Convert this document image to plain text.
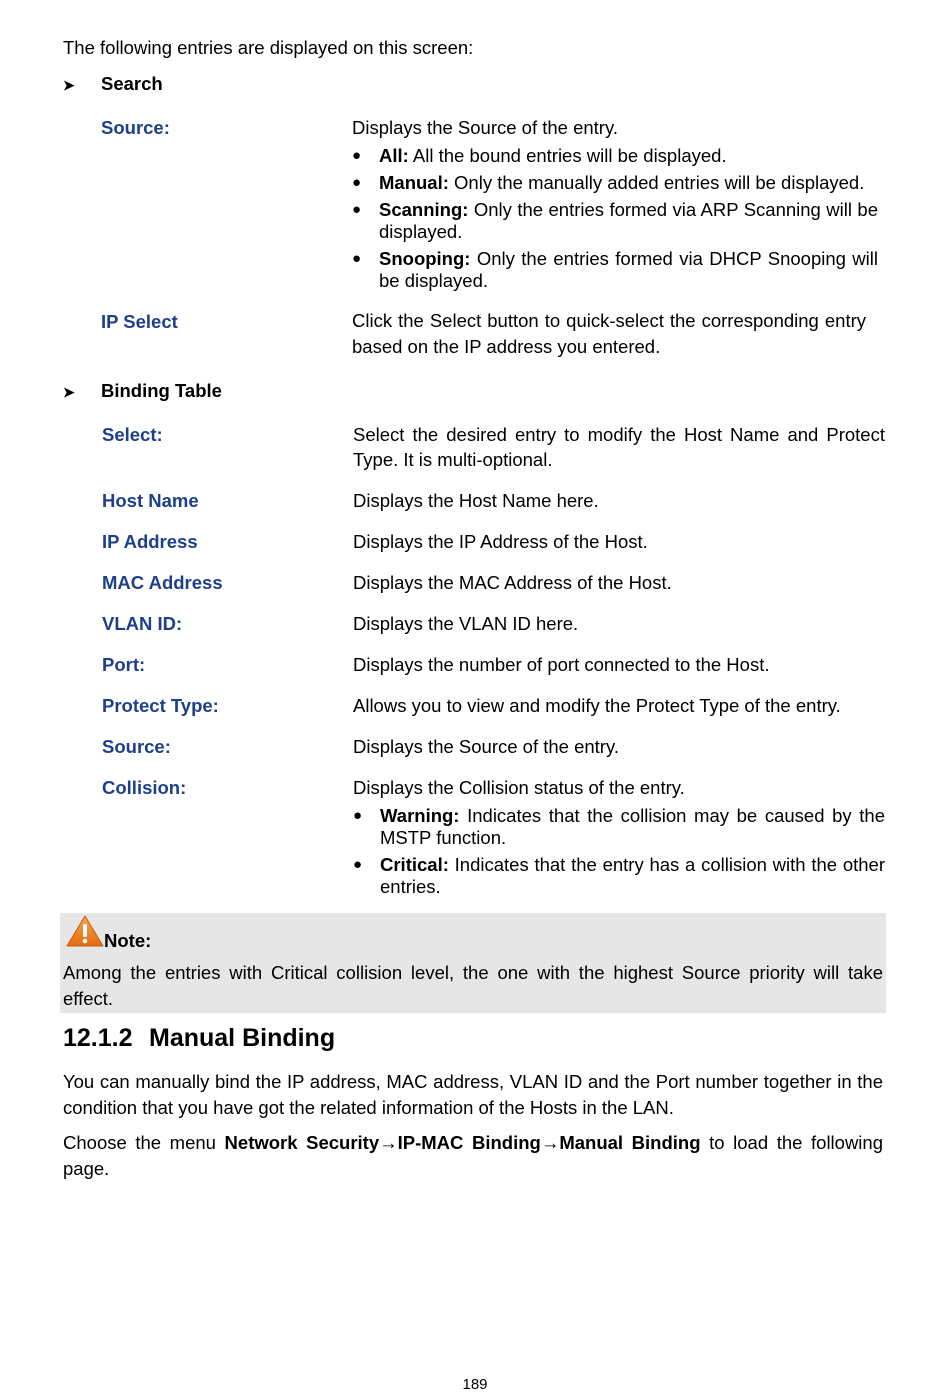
The following entries are displayed on this screen:
➤ Search
Source:	Displays the Source of the entry.
● All: All the bound entries will be displayed.
● Manual: Only the manually added entries will be displayed.
● Scanning: Only the entries formed via ARP Scanning will be displayed.
● Snooping: Only the entries formed via DHCP Snooping will be displayed.
IP Select	Click the Select button to quick-select the corresponding entry based on the IP address you entered.
➤ Binding Table
Select:	Select the desired entry to modify the Host Name and Protect Type. It is multi-optional.
Host Name	Displays the Host Name here.
IP Address	Displays the IP Address of the Host.
MAC Address	Displays the MAC Address of the Host.
VLAN ID:	Displays the VLAN ID here.
Port:	Displays the number of port connected to the Host.
Protect Type:	Allows you to view and modify the Protect Type of the entry.
Source:	Displays the Source of the entry.
Collision:	Displays the Collision status of the entry.
● Warning: Indicates that the collision may be caused by the MSTP function.
● Critical: Indicates that the entry has a collision with the other entries.
Note:
Among the entries with Critical collision level, the one with the highest Source priority will take effect.
12.1.2 Manual Binding
You can manually bind the IP address, MAC address, VLAN ID and the Port number together in the condition that you have got the related information of the Hosts in the LAN.
Choose the menu Network Security→IP-MAC Binding→Manual Binding to load the following page.
189
